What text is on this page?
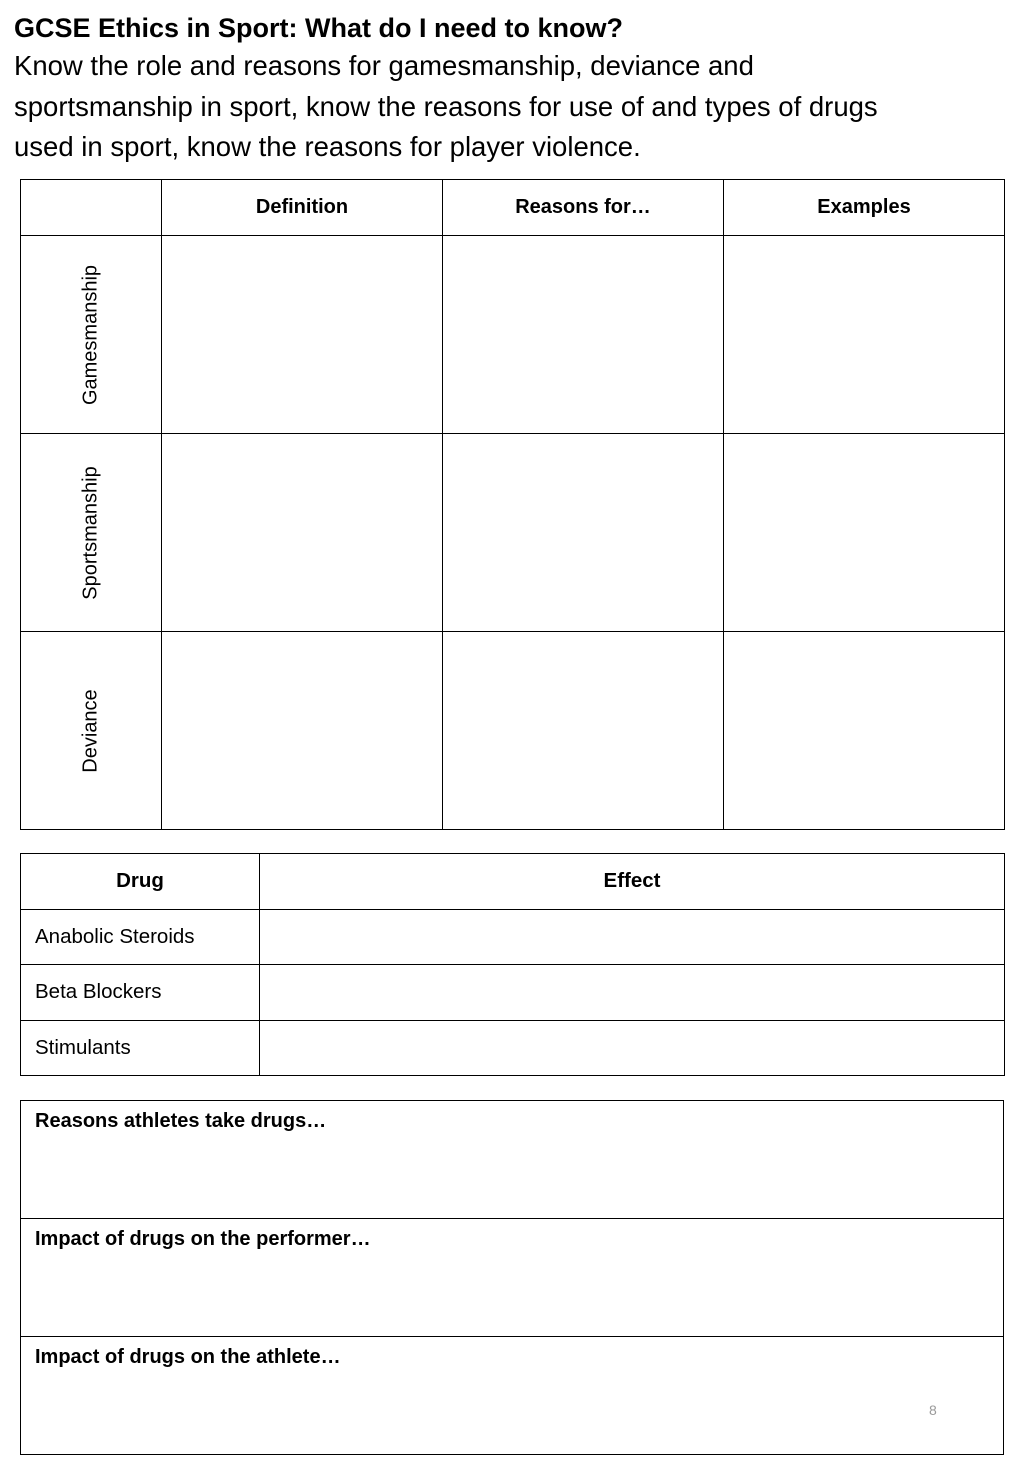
GCSE Ethics in Sport: What do I need to know?
Know the role and reasons for gamesmanship, deviance and
sportsmanship in sport, know the reasons for use of and types of drugs
used in sport, know the reasons for player violence.
	Definition	Reasons for…	Examples

Gamesmanship			

Sportsmanship			

Deviance			

Drug	Effect
Anabolic Steroids	
Beta Blockers	
Stimulants	
Reasons athletes take drugs…
Impact of drugs on the performer…
Impact of drugs on the athlete…
8
